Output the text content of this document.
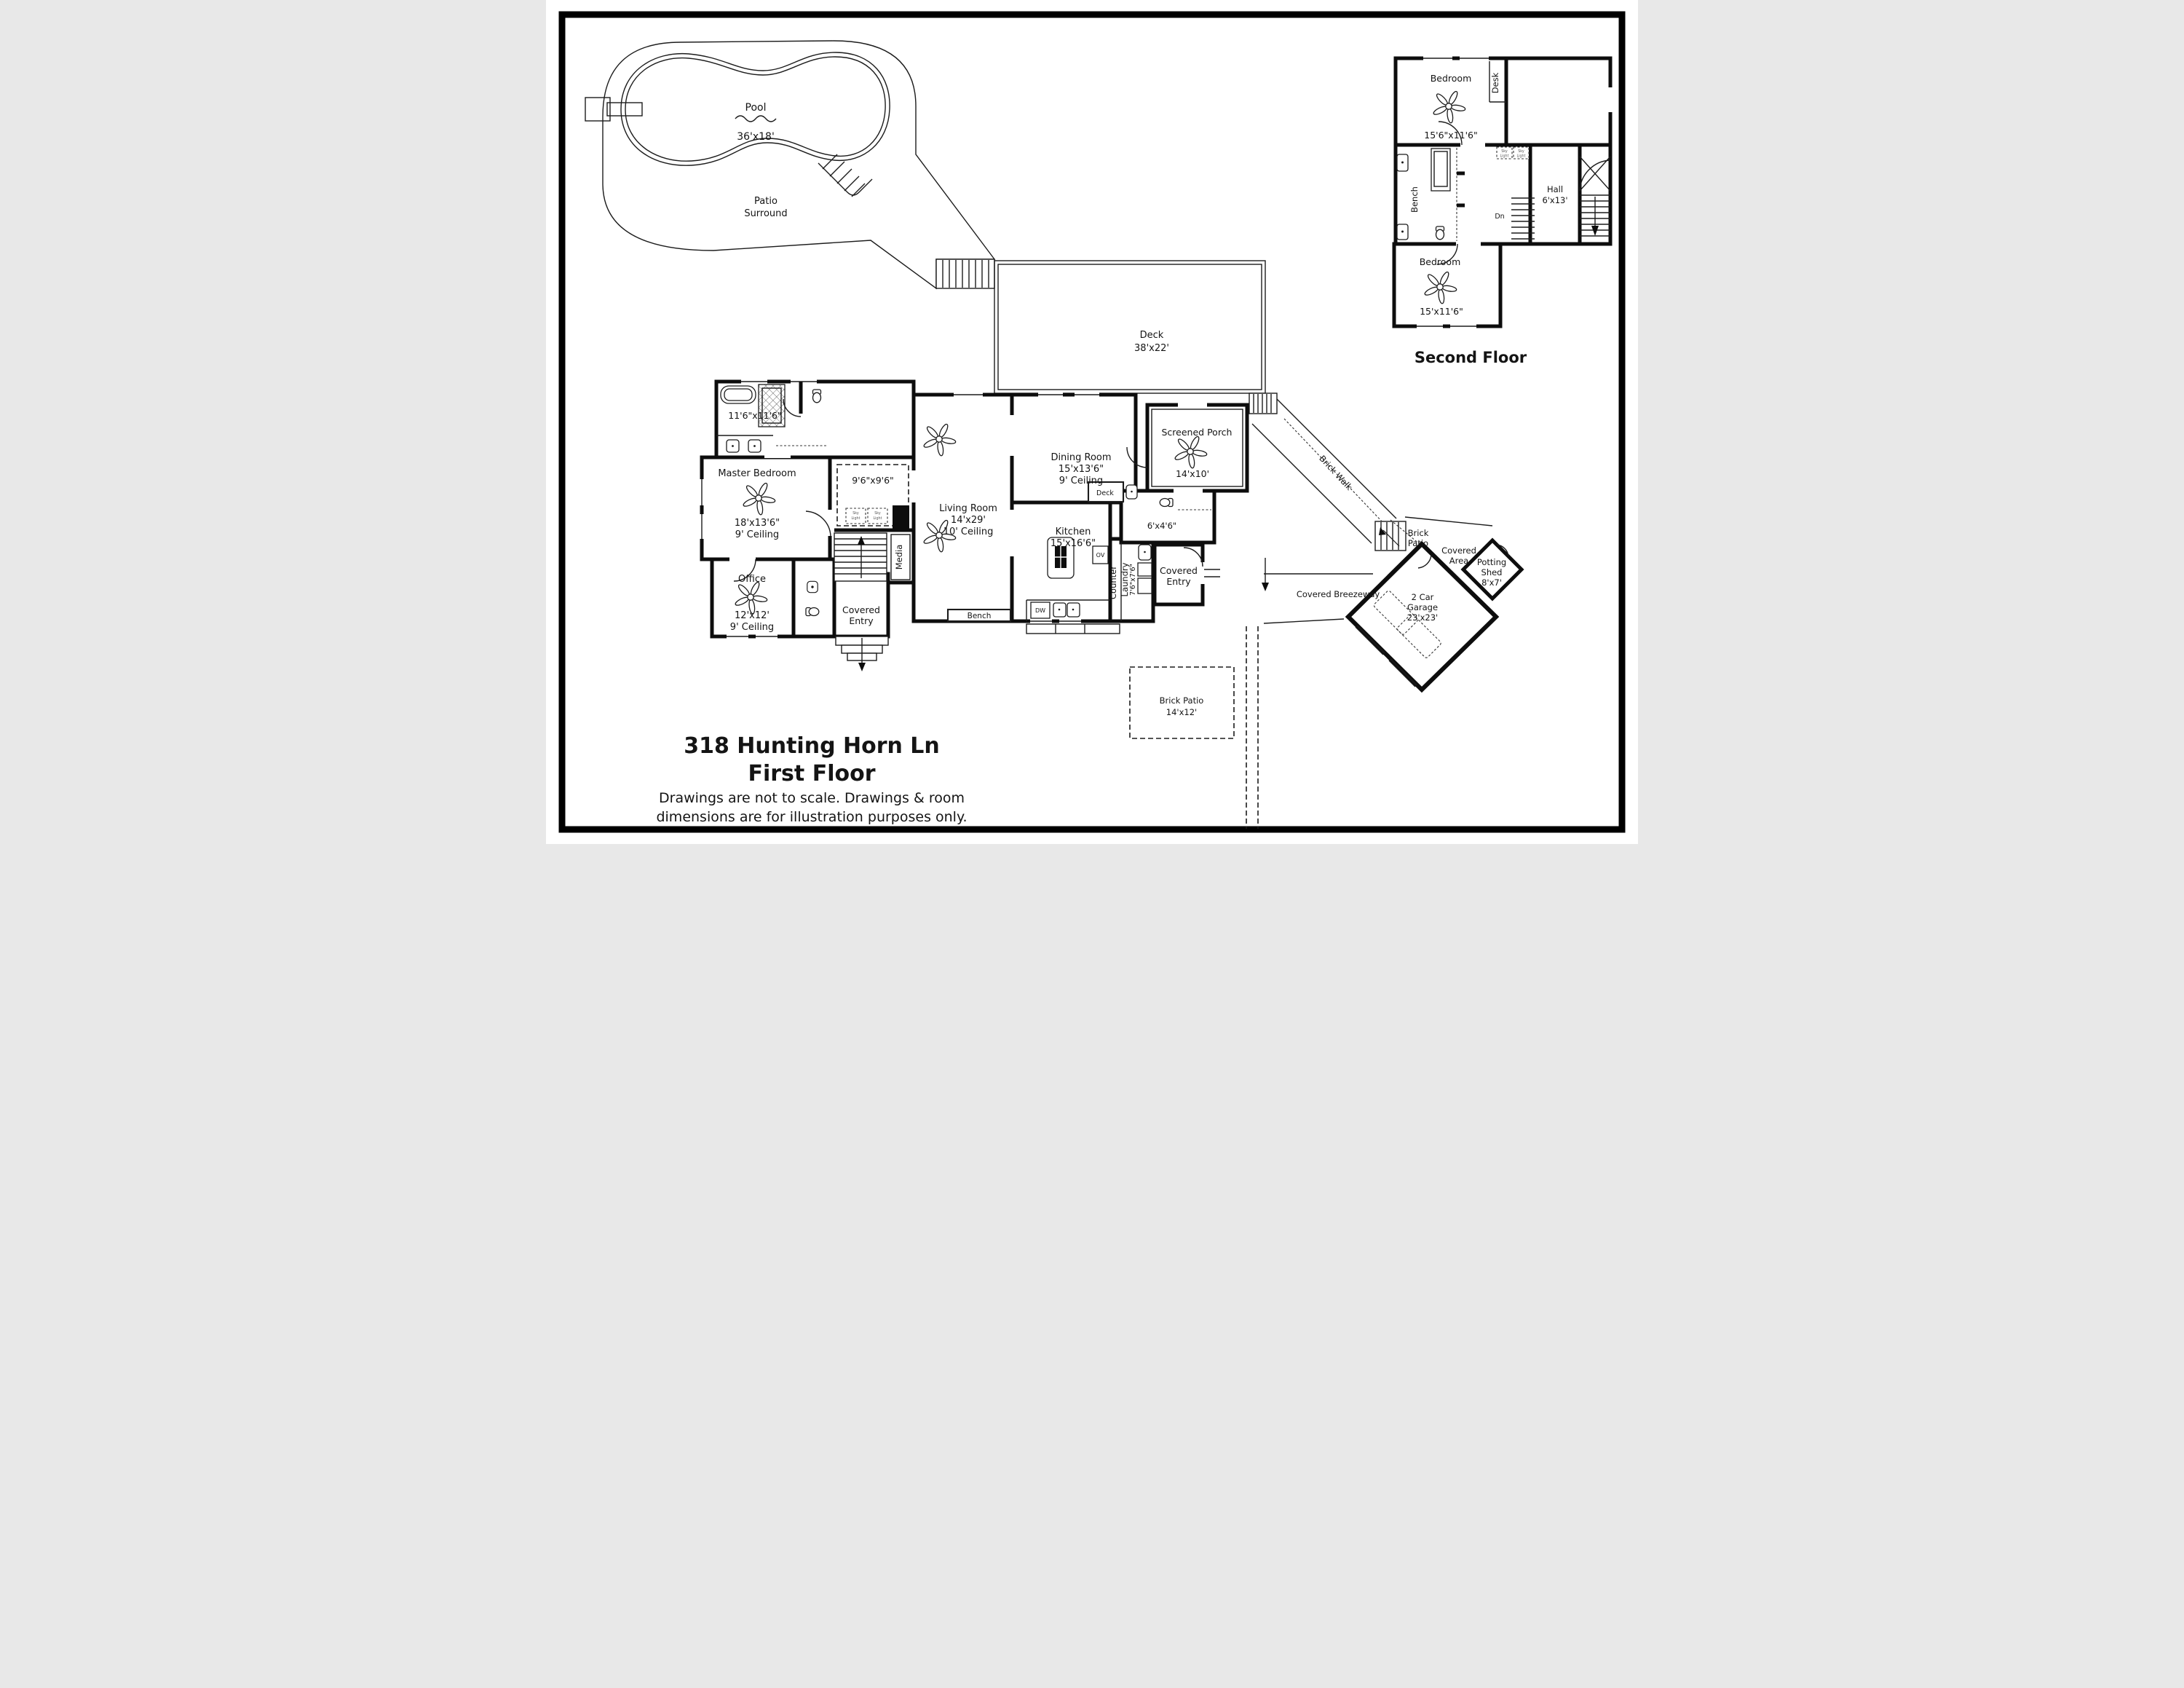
Pool
36'x18'
Patio
Surround
Deck
38'x22'
11'6"x11'6"
9'6"x9'6"
Master Bedroom
18'x13'6"
9' Ceiling
Office
12'x12'
9' Ceiling
Living Room
14'x29'
10' Ceiling
Dining Room
15'x13'6"
9' Ceiling
Kitchen
15'x16'6"
Screened Porch
14'x10'
Deck
6'x4'6"
Counter Laundry 7'6"x7'6"
OV
DW
Bench
Media
Sky
Light
Sky
Light
Covered
Entry
Covered
Entry
Covered Breezeway
Brick Walk
Brick
Patio
Covered
Area Potting
Shed
8'x7'
2 Car
Garage
23'x23'
Brick Patio
14'x12'
Bedroom
15'6"x11'6"
Desk
Bench	Hall
6'x13'
Dn
Sky
Light
Sky
Light
Bedroom
15'x11'6"
Second Floor
318 Hunting Horn Ln
First Floor
Drawings are not to scale. Drawings & room
dimensions are for illustration purposes only.
